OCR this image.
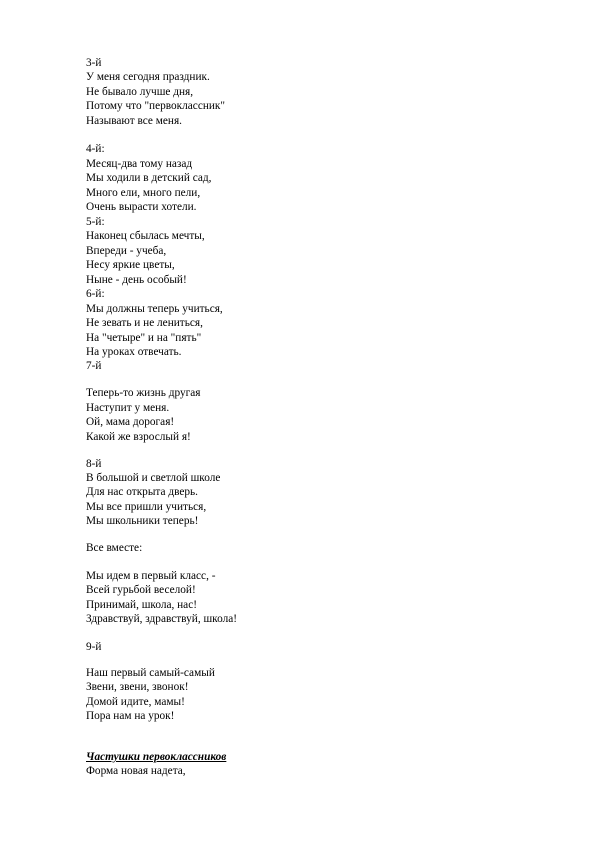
3-й
У меня сегодня праздник.
Не бывало лучше дня,
Потому что "первоклассник"
Называют все меня.
4-й:
Месяц-два тому назад
Мы ходили в детский сад,
Много ели, много пели,
Очень вырасти хотели.
5-й:
Наконец сбылась мечты,
Впереди - учеба,
Несу яркие цветы,
Ныне - день особый!
6-й:
Мы должны теперь учиться,
Не зевать и не лениться,
На "четыре" и на "пять"
На уроках отвечать.
7-й
Теперь-то жизнь другая
Наступит у меня.
Ой, мама дорогая!
Какой же взрослый я!
8-й
В большой и светлой школе
Для нас открыта дверь.
Мы все пришли учиться,
Мы школьники теперь!
Все вместе:
Мы идем в первый класс, -
Всей гурьбой веселой!
Принимай, школа, нас!
Здравствуй, здравствуй, школа!
9-й
Наш первый самый-самый
Звени, звени, звонок!
Домой идите, мамы!
Пора нам на урок!
Частушки первоклассников
Форма новая надета,
